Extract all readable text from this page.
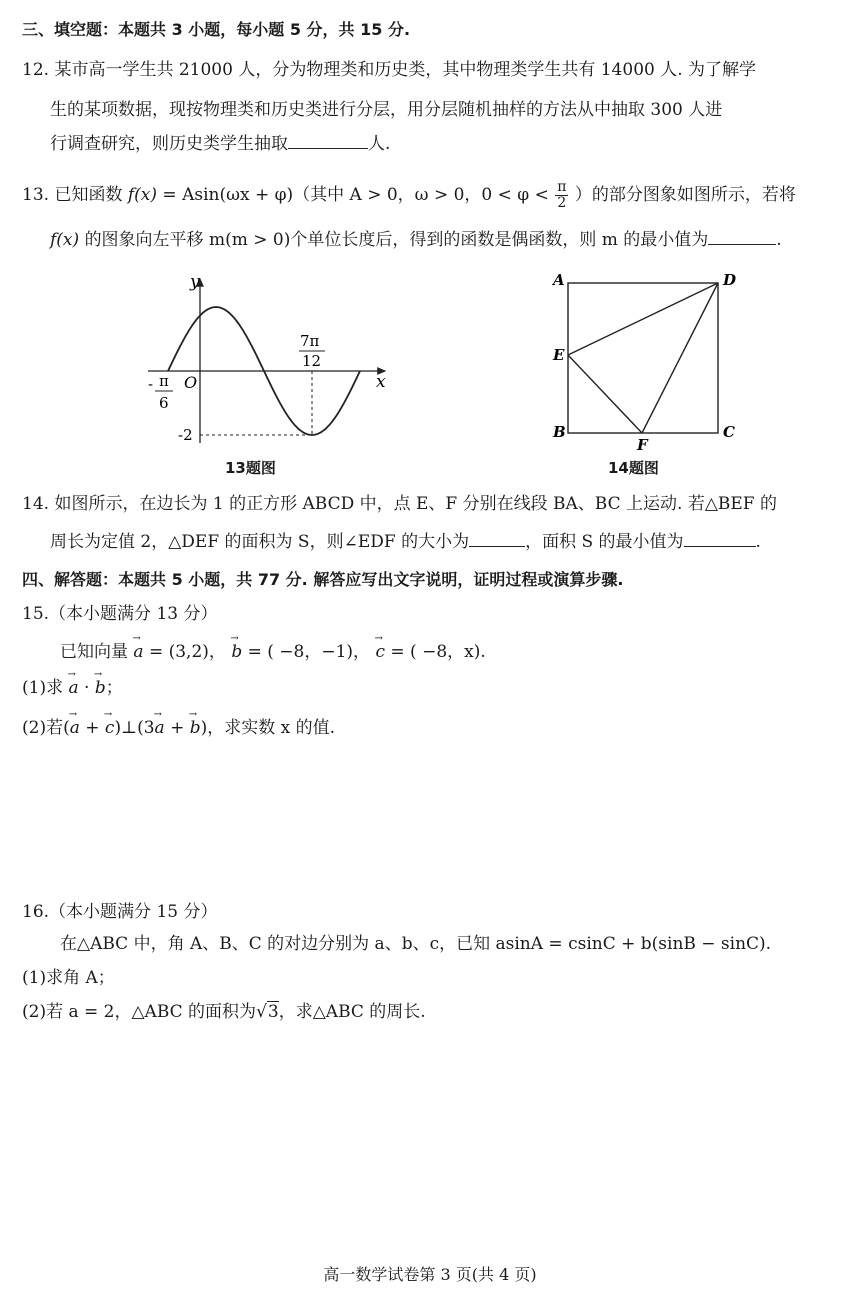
三、填空题：本题共 3 小题，每小题 5 分，共 15 分.
12. 某市高一学生共 21000 人，分为物理类和历史类，其中物理类学生共有 14000 人. 为了解学
生的某项数据，现按物理类和历史类进行分层，用分层随机抽样的方法从中抽取 300 人进
行调查研究，则历史类学生抽取	人.
13. 已知函数 f(x) = Asin(ωx + φ)（其中 A > 0，ω > 0，$0 < \varphi < \frac{\pi}{2}$ ）的部分图象如图所示，若将
f(x) 的图象向左平移 m(m > 0)个单位长度后，得到的函数是偶函数，则 m 的最小值为	.
y
x
O
- π
6
7π
12
-2
13题图
A	D
E
B	C
F
14题图
14. 如图所示，在边长为 1 的正方形 ABCD 中，点 E、F 分别在线段 BA、BC 上运动. 若△BEF 的
周长为定值 2，△DEF 的面积为 S，则∠EDF 的大小为	，面积 S 的最小值为	.
四、解答题：本题共 5 小题，共 77 分. 解答应写出文字说明，证明过程或演算步骤.
15.（本小题满分 13 分）
已知向量 → a = (3,2)， → b = ( −8，−1)， → c = ( −8，x).
(1)求 → a · → b；
(2)若(→ a + → c)⊥(3→ a + → b)，求实数 x 的值.
16.（本小题满分 15 分）
在△ABC 中，角 A、B、C 的对边分别为 a、b、c，已知 asinA = csinC + b(sinB − sinC).
(1)求角 A；
(2)若 a = 2，△ABC 的面积为√3，求△ABC 的周长.
高一数学试卷第 3 页(共 4 页)
